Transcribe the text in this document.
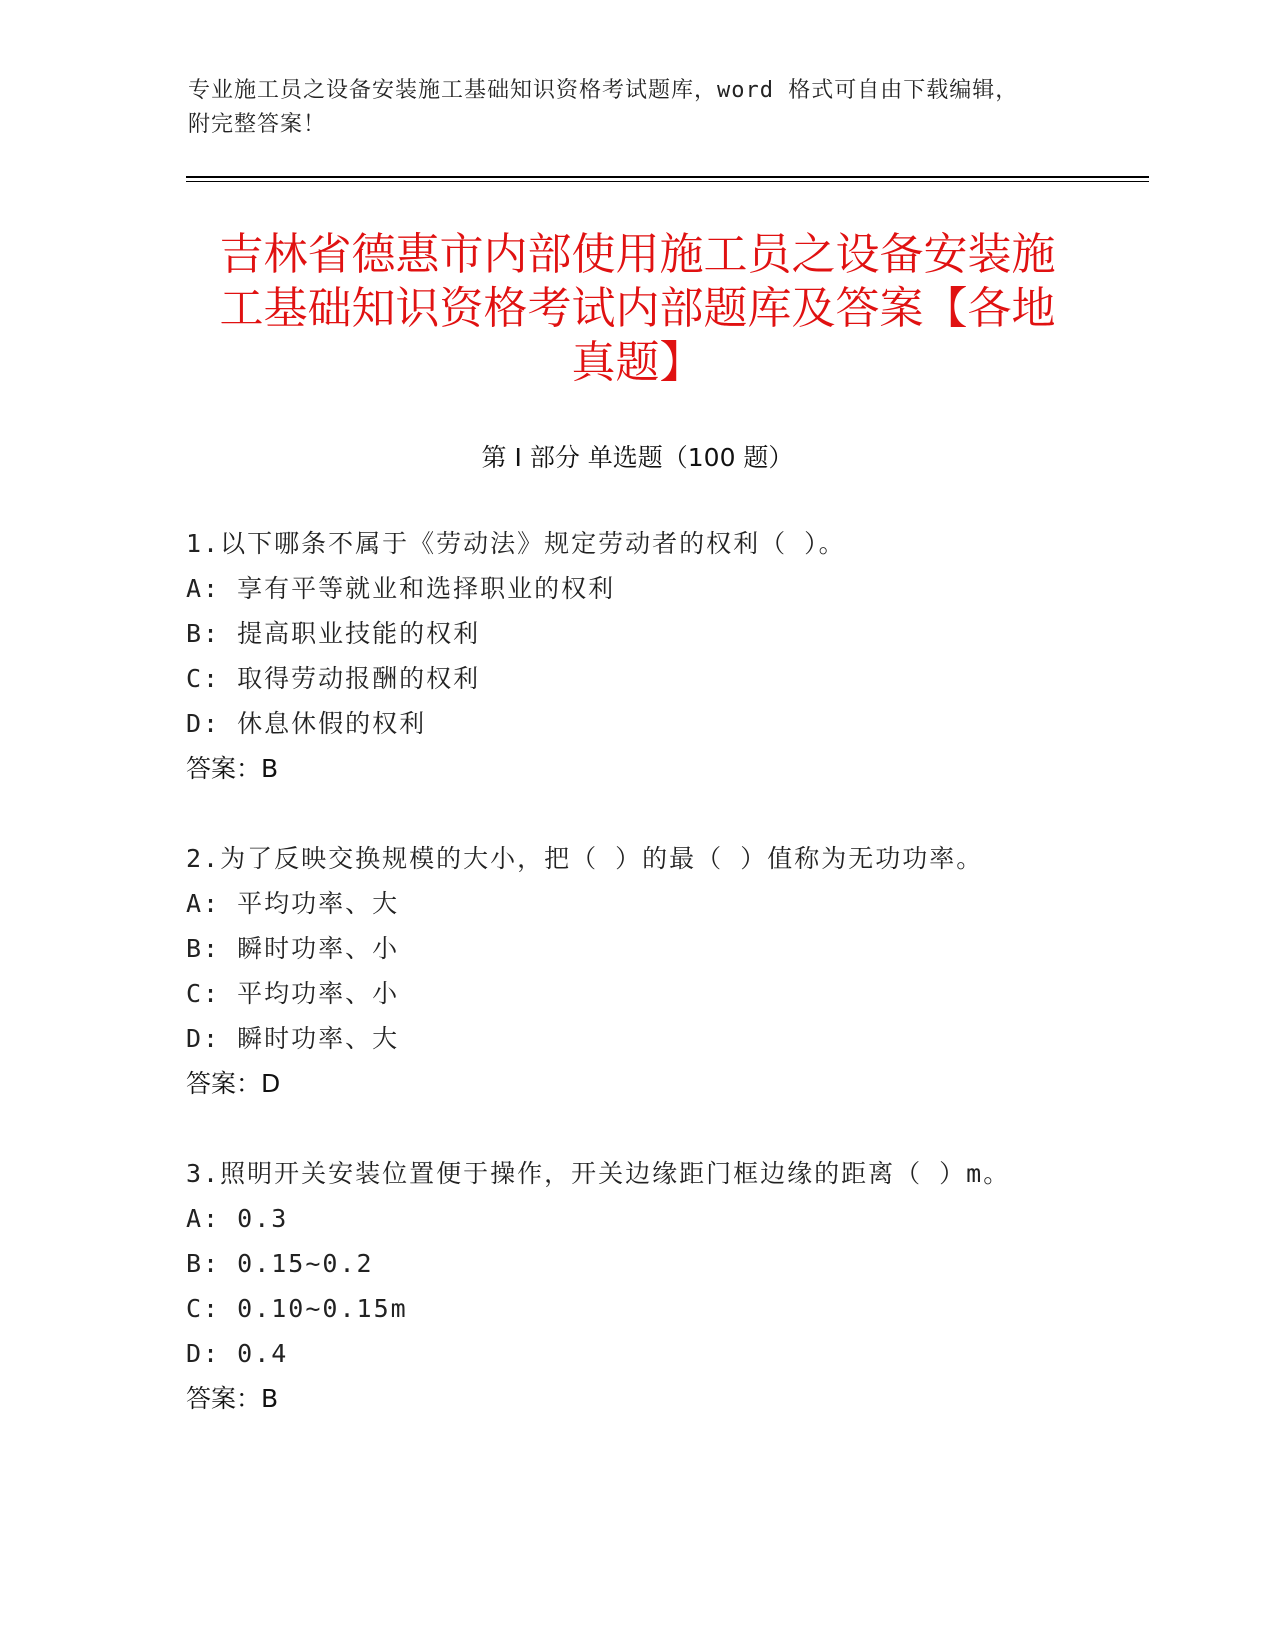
专业施工员之设备安装施工基础知识资格考试题库，word 格式可自由下载编辑，
附完整答案！
吉林省德惠市内部使用施工员之设备安装施
工基础知识资格考试内部题库及答案【各地
真题】
第 I 部分 单选题（100 题）
1.以下哪条不属于《劳动法》规定劳动者的权利（ ）。
A: 享有平等就业和选择职业的权利
B: 提高职业技能的权利
C: 取得劳动报酬的权利
D: 休息休假的权利
答案：B
2.为了反映交换规模的大小，把（ ）的最（ ）值称为无功功率。
A: 平均功率、大
B: 瞬时功率、小
C: 平均功率、小
D: 瞬时功率、大
答案：D
3.照明开关安装位置便于操作，开关边缘距门框边缘的距离（ ）m。
A: 0.3
B: 0.15~0.2
C: 0.10~0.15m
D: 0.4
答案：B
